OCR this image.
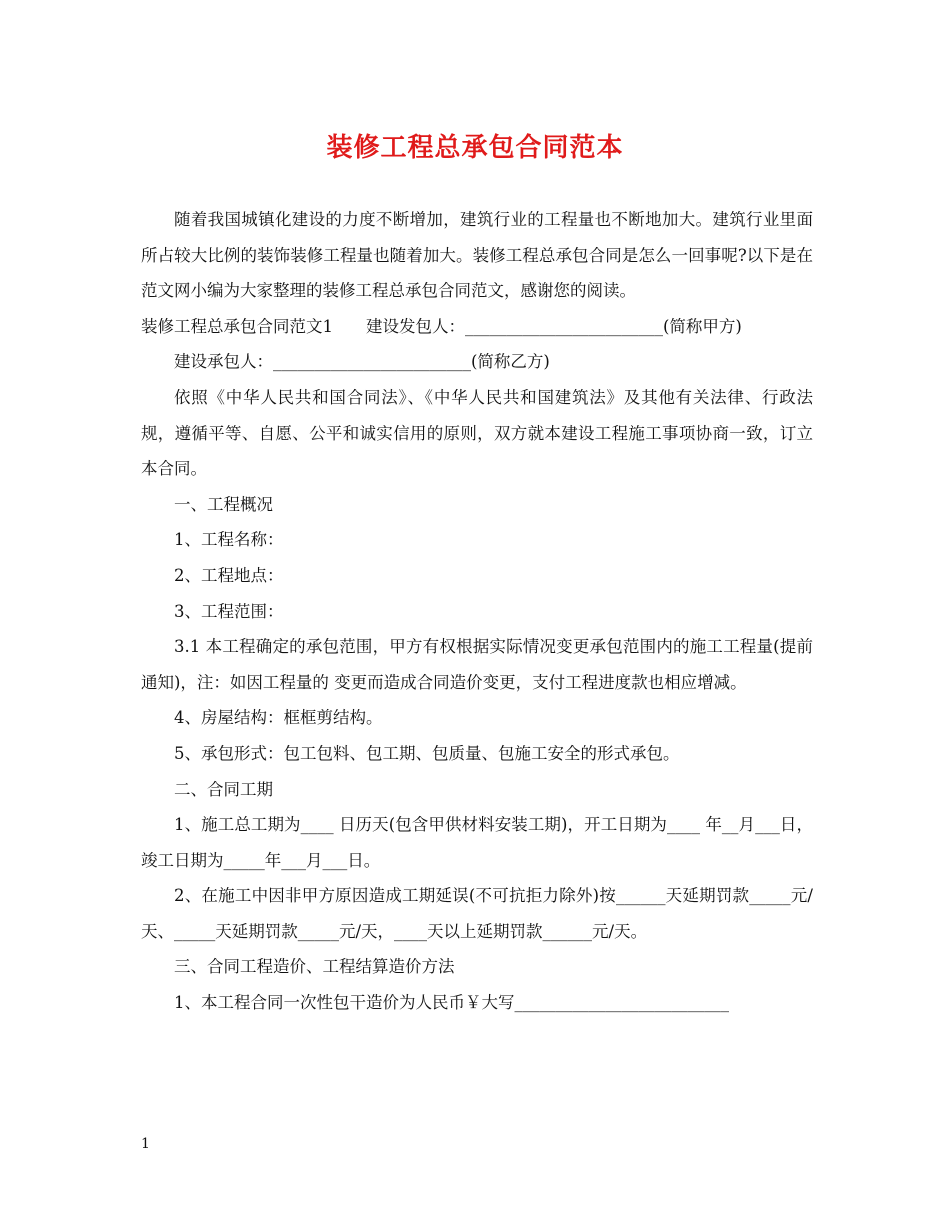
装修工程总承包合同范本

随着我国城镇化建设的力度不断增加，建筑行业的工程量也不断地加大。建筑行业里面所占较大比例的装饰装修工程量也随着加大。装修工程总承包合同是怎么一回事呢?以下是在范文网小编为大家整理的装修工程总承包合同范文，感谢您的阅读。

装修工程总承包合同范文1　　建设发包人：________________________(简称甲方)

建设承包人：________________________(简称乙方)

依照《中华人民共和国合同法》、《中华人民共和国建筑法》及其他有关法律、行政法规，遵循平等、自愿、公平和诚实信用的原则，双方就本建设工程施工事项协商一致，订立本合同。

一、工程概况

1、工程名称：

2、工程地点：

3、工程范围：

3.1 本工程确定的承包范围，甲方有权根据实际情况变更承包范围内的施工工程量(提前通知)，注：如因工程量的 变更而造成合同造价变更，支付工程进度款也相应增减。

4、房屋结构：框框剪结构。

5、承包形式：包工包料、包工期、包质量、包施工安全的形式承包。

二、合同工期

1、施工总工期为____ 日历天(包含甲供材料安装工期)，开工日期为____ 年__月___日，竣工日期为_____年___月___日。

2、在施工中因非甲方原因造成工期延误(不可抗拒力除外)按______天延期罚款_____元/天、_____天延期罚款_____元/天，____天以上延期罚款______元/天。

三、合同工程造价、工程结算造价方法

1、本工程合同一次性包干造价为人民币￥大写__________________________

1
